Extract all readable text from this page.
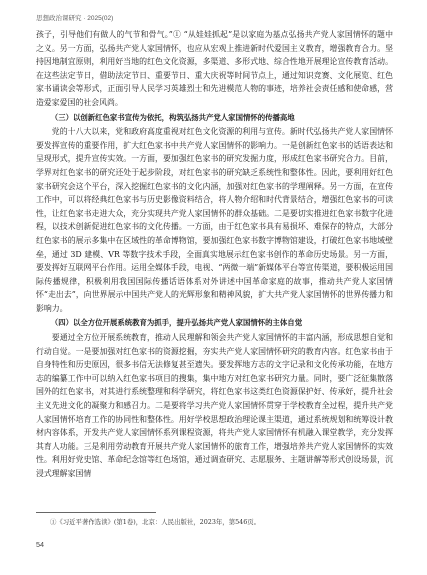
思想政治课研究 · 2025(02)

孩子，引导他们有做人的气节和骨气。”① “从娃娃抓起”是以家庭为基点弘扬共产党人家国情怀的题中之义。另一方面，弘扬共产党人家国情怀，也应从宏观上推进新时代爱国主义教育，增强教育合力。坚持因地制宜原则，利用好当地的红色文化资源，多渠道、多形式地、综合性地开展理论宣传教育活动。在这些法定节日，借助法定节日、重要节日、重大庆祝等时间节点上，通过知识竞赛、文化展览、红色家书诵读会等形式，正面引导人民学习英雄烈士和先进模范人物的事迹，培养社会责任感和使命感，营造爱家爱国的社会风尚。

（三）以创新红色家书宣传为依托，构筑弘扬共产党人家国情怀的传播高地

党的十八大以来，党和政府高度重视对红色文化资源的利用与宣传。新时代弘扬共产党人家国情怀要发挥宣传的重要作用，扩大红色家书中共产党人家国情怀的影响力。一是创新红色家书的话语表达和呈现形式，提升宣传实效。一方面，要加强红色家书的研究发掘力度，形成红色家书研究合力。目前，学界对红色家书的研究还处于起步阶段，对红色家书的研究缺乏系统性和整体性。因此，要利用好红色家书研究会这个平台，深入挖掘红色家书的文化内涵，加强对红色家书的学理阐释。另一方面，在宣传工作中，可以将经典红色家书与历史影像资料结合，将人物介绍和时代背景结合，增强红色家书的可读性，让红色家书走进大众，充分实现共产党人家国情怀的群众基础。二是要切实推进红色家书数字化进程，以技术创新促进红色家书的文化传播。一方面，由于红色家书具有易损坏、难保存的特点，大部分红色家书的展示多集中在区域性的革命博物馆，要加强红色家书数字博物馆建设，打破红色家书地域壁垒，通过 3D 建模、VR 等数字技术手段，全面真实地展示红色家书创作的革命历史场景。另一方面，要发挥好互联网平台作用。运用全媒体手段，电视、“两微一端”新媒体平台等宣传渠道，要积极运用国际传播规律，积极利用我国国际传播话语体系对外讲述中国革命家庭的故事，推动共产党人家国情怀“走出去”，向世界展示中国共产党人的光辉形象和精神风貌，扩大共产党人家国情怀的世界传播力和影响力。

（四）以全方位开展系统教育为抓手，提升弘扬共产党人家国情怀的主体自觉

要通过全方位开展系统教育，推动人民理解和领会共产党人家国情怀的丰富内涵，形成思想自觉和行动自觉。一是要加强对红色家书的资源挖掘，夯实共产党人家国情怀研究的教育内容。红色家书由于自身特性和历史原因，很多书信无法修复甚至遗失。要发挥地方志的文字记录和文化传承功能，在地方志的编纂工作中可以纳入红色家书项目的搜集，集中地方对红色家书研究力量。同时，要广泛征集散落国外的红色家书，对其进行系统整理和科学研究，将红色家书这类红色资源保护好、传承好，提升社会主义先进文化的凝聚力和感召力。二是要将学习共产党人家国情怀贯穿于学校教育全过程，提升共产党人家国情怀培育工作的协同性和整体性。用好学校思想政治理论课主渠道，通过系统规划和统筹设计教材内容体系，开发共产党人家国情怀系列课程资源，将共产党人家国情怀有机融入课堂教学，充分发挥其育人功能。三是利用劳动教育开展共产党人家国情怀的旅育工作，增强培养共产党人家国情怀的实效性。利用好党史馆、革命纪念馆等红色场馆，通过调查研究、志愿服务、主题讲解等形式创设场景，沉浸式理解家国情

①《习近平著作选读》(第1卷)，北京：人民出版社，2023年，第546页。
54
